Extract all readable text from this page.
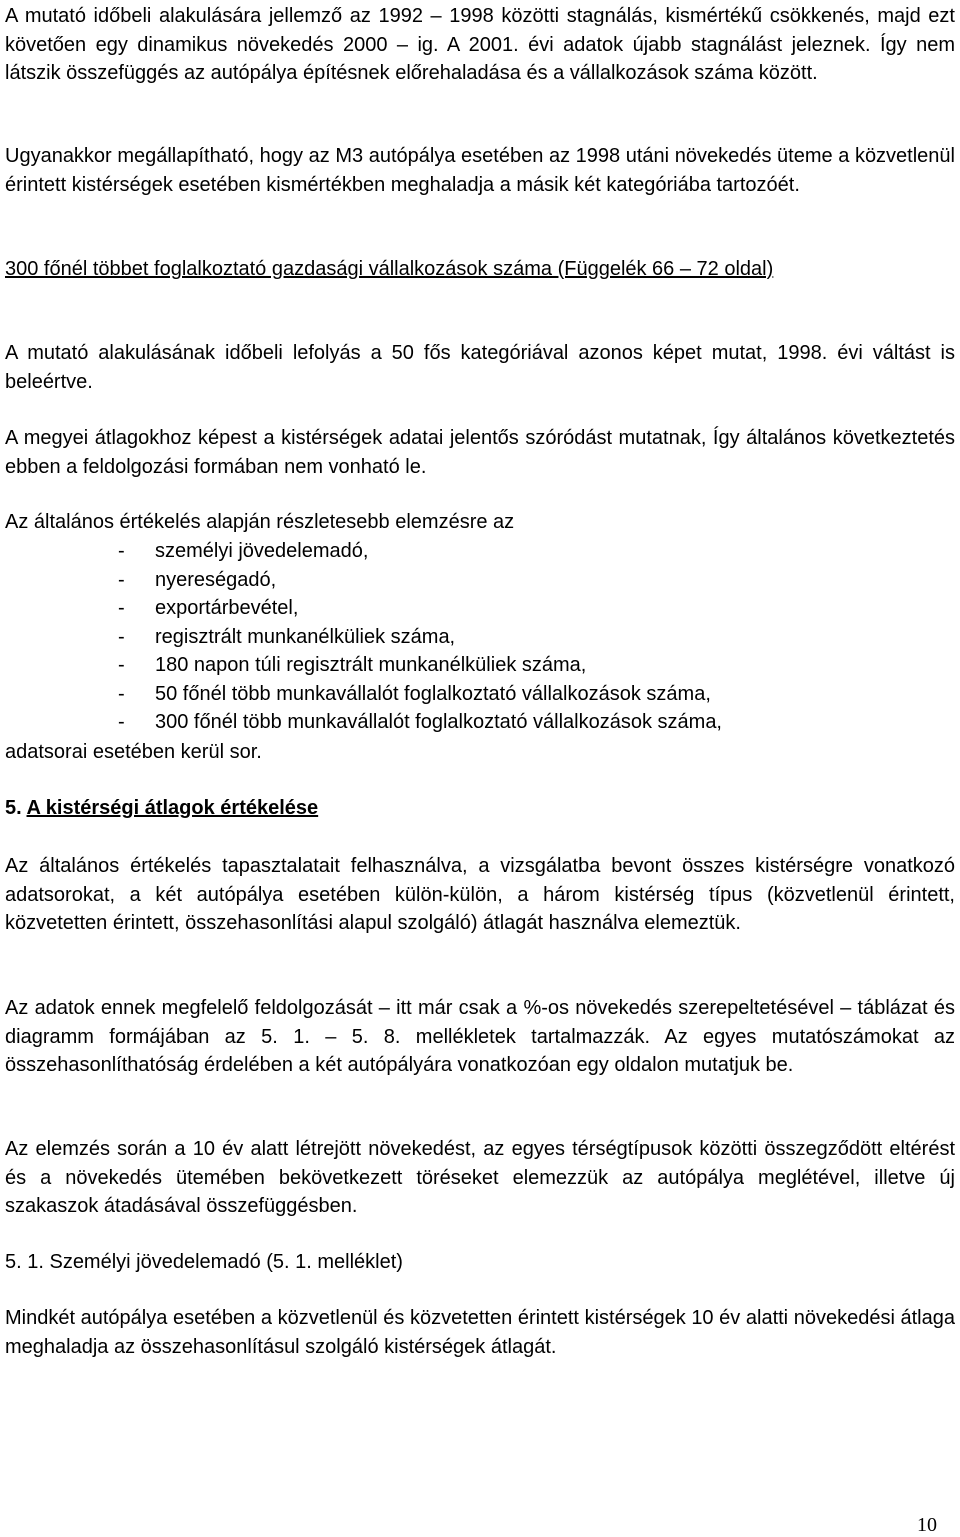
A mutató időbeli alakulására jellemző az 1992 – 1998 közötti stagnálás, kismértékű csökkenés, majd ezt követően egy dinamikus növekedés 2000 – ig. A 2001. évi adatok újabb stagnálást jeleznek. Így nem látszik összefüggés az autópálya építésnek előrehaladása és a vállalkozások száma között.

Ugyanakkor megállapítható, hogy az M3 autópálya esetében az 1998 utáni növekedés üteme a közvetlenül érintett kistérségek esetében kismértékben meghaladja a másik két kategóriába tartozóét.

300 főnél többet foglalkoztató gazdasági vállalkozások száma (Függelék 66 – 72 oldal)

A mutató alakulásának időbeli lefolyás a 50 fős kategóriával azonos képet mutat, 1998. évi váltást is beleértve.

A megyei átlagokhoz képest a kistérségek adatai jelentős szóródást mutatnak, Így általános következtetés ebben a feldolgozási formában nem vonható le.

Az általános értékelés alapján részletesebb elemzésre az

- személyi jövedelemadó,
- nyereségadó,
- exportárbevétel,
- regisztrált munkanélküliek száma,
- 180 napon túli regisztrált munkanélküliek száma,
- 50 főnél több munkavállalót foglalkoztató vállalkozások száma,
- 300 főnél több munkavállalót foglalkoztató vállalkozások száma,

adatsorai esetében kerül sor.

5. A kistérségi átlagok értékelése

Az általános értékelés tapasztalatait felhasználva, a vizsgálatba bevont összes kistérségre vonatkozó adatsorokat, a két autópálya esetében külön-külön, a három kistérség típus (közvetlenül érintett, közvetetten érintett, összehasonlítási alapul szolgáló) átlagát használva elemeztük.

Az adatok ennek megfelelő feldolgozását – itt már csak a %-os növekedés szerepeltetésével – táblázat és diagramm formájában az 5. 1. – 5. 8. mellékletek tartalmazzák. Az egyes mutatószámokat az összehasonlíthatóság érdelében a két autópályára vonatkozóan egy oldalon mutatjuk be.

Az elemzés során a 10 év alatt létrejött növekedést, az egyes térségtípusok közötti összegződött eltérést és a növekedés ütemében bekövetkezett töréseket elemezzük az autópálya meglétével, illetve új szakaszok átadásával összefüggésben.

5. 1. Személyi jövedelemadó (5. 1. melléklet)

Mindkét autópálya esetében a közvetlenül és közvetetten érintett kistérségek 10 év alatti növekedési átlaga meghaladja az összehasonlításul szolgáló kistérségek átlagát.

10
